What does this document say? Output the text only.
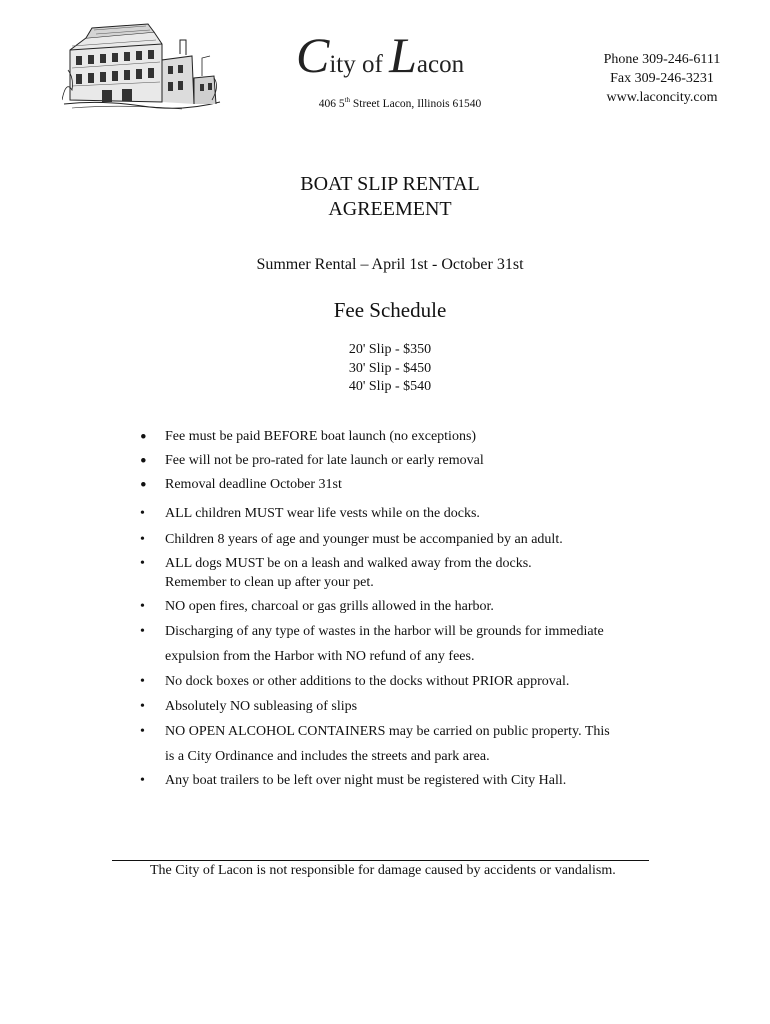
City of Lacon
406 5th Street Lacon, Illinois 61540
Phone 309-246-6111
Fax 309-246-3231
www.laconcity.com
BOAT SLIP RENTAL
AGREEMENT
Summer Rental – April 1st - October 31st
Fee Schedule
20' Slip - $350
30' Slip - $450
40' Slip - $540
• Fee must be paid BEFORE boat launch (no exceptions)
• Fee will not be pro-rated for late launch or early removal
• Removal deadline October 31st
• ALL children MUST wear life vests while on the docks.
• Children 8 years of age and younger must be accompanied by an adult.
• ALL dogs MUST be on a leash and walked away from the docks.
Remember to clean up after your pet.
• NO open fires, charcoal or gas grills allowed in the harbor.
• Discharging of any type of wastes in the harbor will be grounds for immediate
expulsion from the Harbor with NO refund of any fees.
• No dock boxes or other additions to the docks without PRIOR approval.
• Absolutely NO subleasing of slips
• NO OPEN ALCOHOL CONTAINERS may be carried on public property. This
is a City Ordinance and includes the streets and park area.
• Any boat trailers to be left over night must be registered with City Hall.
The City of Lacon is not responsible for damage caused by accidents or vandalism.
